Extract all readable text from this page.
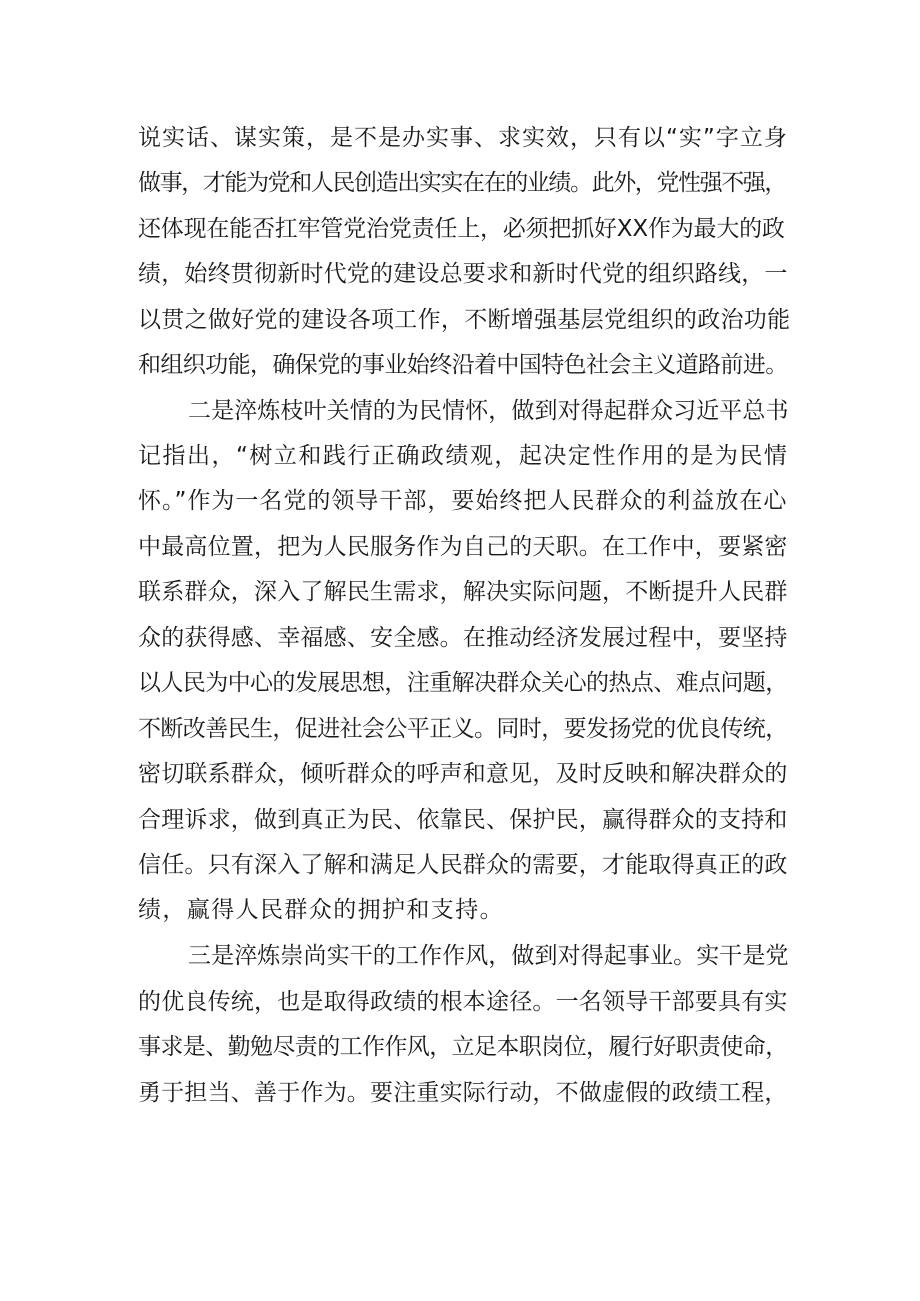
说实话、谋实策，是不是办实事、求实效，只有以“实”字立身
做事，才能为党和人民创造出实实在在的业绩。此外，党性强不强，
还体现在能否扛牢管党治党责任上，必须把抓好XX作为最大的政
绩，始终贯彻新时代党的建设总要求和新时代党的组织路线，一
以贯之做好党的建设各项工作，不断增强基层党组织的政治功能
和组织功能，确保党的事业始终沿着中国特色社会主义道路前进。
二是淬炼枝叶关情的为民情怀，做到对得起群众习近平总书
记指出，“树立和践行正确政绩观，起决定性作用的是为民情
怀。”作为一名党的领导干部，要始终把人民群众的利益放在心
中最高位置，把为人民服务作为自己的天职。在工作中，要紧密
联系群众，深入了解民生需求，解决实际问题，不断提升人民群
众的获得感、幸福感、安全感。在推动经济发展过程中，要坚持
以人民为中心的发展思想，注重解决群众关心的热点、难点问题，
不断改善民生，促进社会公平正义。同时，要发扬党的优良传统，
密切联系群众，倾听群众的呼声和意见，及时反映和解决群众的
合理诉求，做到真正为民、依靠民、保护民，赢得群众的支持和
信任。只有深入了解和满足人民群众的需要，才能取得真正的政
绩，赢得人民群众的拥护和支持。
三是淬炼崇尚实干的工作作风，做到对得起事业。实干是党
的优良传统，也是取得政绩的根本途径。一名领导干部要具有实
事求是、勤勉尽责的工作作风，立足本职岗位，履行好职责使命，
勇于担当、善于作为。要注重实际行动，不做虚假的政绩工程，
